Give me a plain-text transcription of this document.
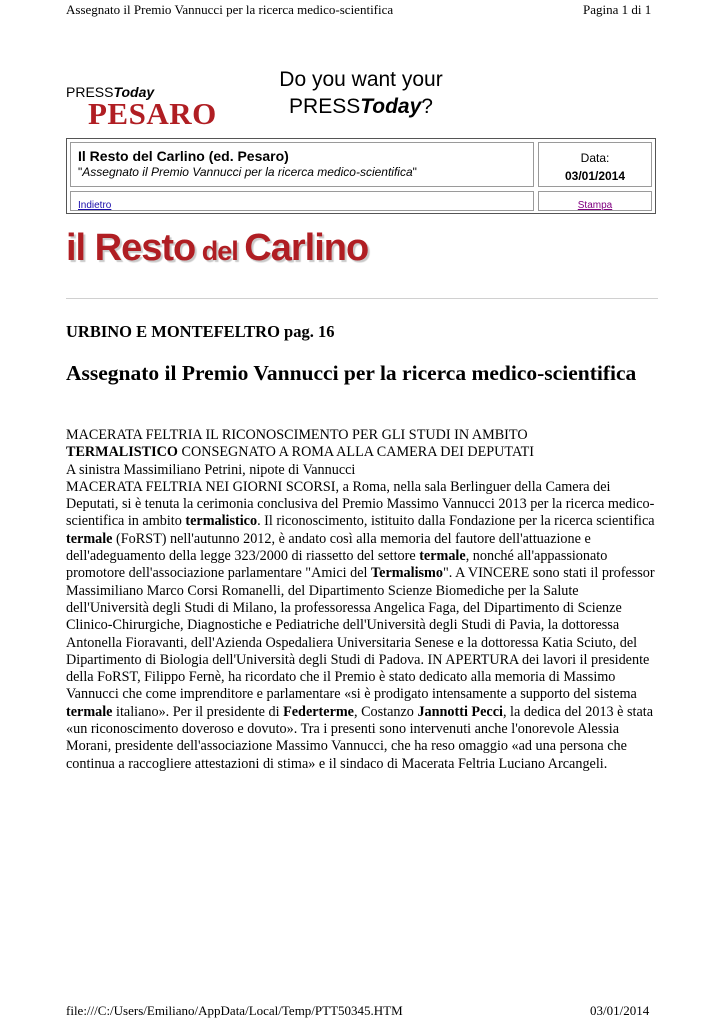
Assegnato il Premio Vannucci per la ricerca medico-scientifica	Pagina 1 di 1
PRESSToday
PESARO
Do you want your
PRESSToday?
Il Resto del Carlino (ed. Pesaro)
"Assegnato il Premio Vannucci per la ricerca medico-scientifica"
Data:
03/01/2014
Indietro	Stampa
il Resto del Carlino
URBINO E MONTEFELTRO pag. 16
Assegnato il Premio Vannucci per la ricerca medico-scientifica

MACERATA FELTRIA IL RICONOSCIMENTO PER GLI STUDI IN AMBITO
TERMALISTICO CONSEGNATO A ROMA ALLA CAMERA DEI DEPUTATI

A sinistra Massimiliano Petrini, nipote di Vannucci

MACERATA FELTRIA NEI GIORNI SCORSI, a Roma, nella sala Berlinguer della Camera dei Deputati, si è tenuta la cerimonia conclusiva del Premio Massimo Vannucci 2013 per la ricerca medico-scientifica in ambito termalistico. Il riconoscimento, istituito dalla Fondazione per la ricerca scientifica termale (FoRST) nell'autunno 2012, è andato così alla memoria del fautore dell'attuazione e dell'adeguamento della legge 323/2000 di riassetto del settore termale, nonché all'appassionato promotore dell'associazione parlamentare "Amici del Termalismo". A VINCERE sono stati il professor Massimiliano Marco Corsi Romanelli, del Dipartimento Scienze Biomediche per la Salute dell'Università degli Studi di Milano, la professoressa Angelica Faga, del Dipartimento di Scienze Clinico-Chirurgiche, Diagnostiche e Pediatriche dell'Università degli Studi di Pavia, la dottoressa Antonella Fioravanti, dell'Azienda Ospedaliera Universitaria Senese e la dottoressa Katia Sciuto, del Dipartimento di Biologia dell'Università degli Studi di Padova. IN APERTURA dei lavori il presidente della FoRST, Filippo Fernè, ha ricordato che il Premio è stato dedicato alla memoria di Massimo Vannucci che come imprenditore e parlamentare «si è prodigato intensamente a supporto del sistema termale italiano». Per il presidente di Federterme, Costanzo Jannotti Pecci, la dedica del 2013 è stata «un riconoscimento doveroso e dovuto». Tra i presenti sono intervenuti anche l'onorevole Alessia Morani, presidente dell'associazione Massimo Vannucci, che ha reso omaggio «ad una persona che continua a raccogliere attestazioni di stima» e il sindaco di Macerata Feltria Luciano Arcangeli.

file:///C:/Users/Emiliano/AppData/Local/Temp/PTT50345.HTM	03/01/2014
